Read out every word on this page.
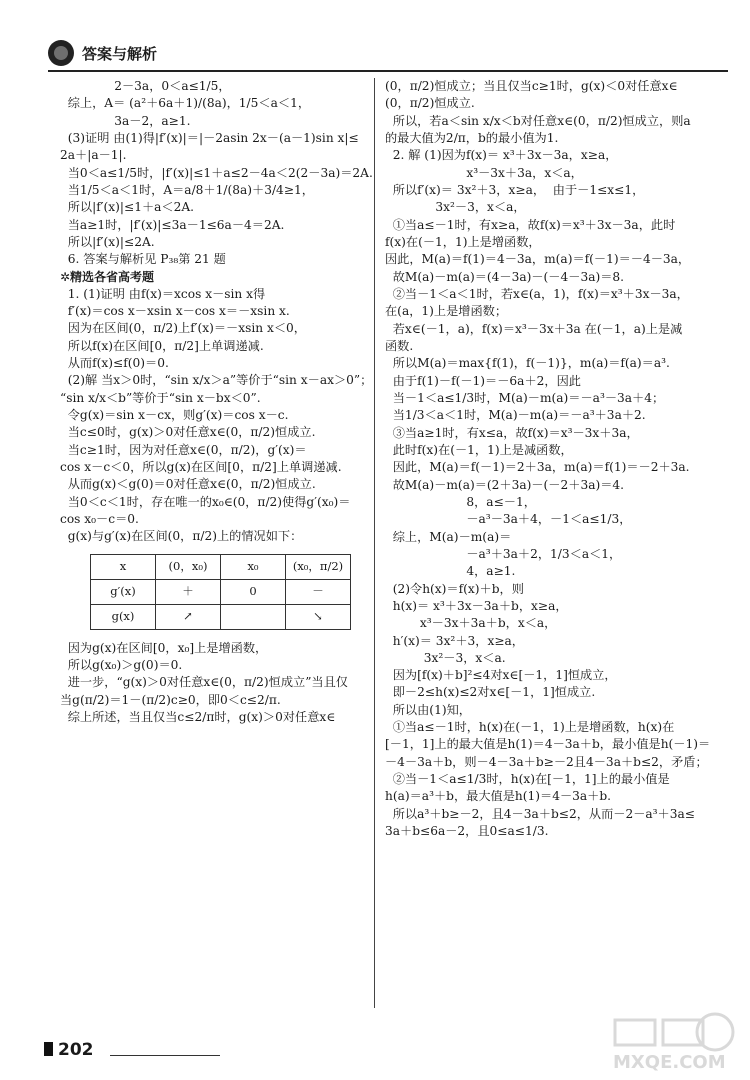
答案与解析
2－3a，0＜a≤1/5，
综上，A＝ (a²＋6a＋1)/(8a)，1/5＜a＜1，
3a－2，a≥1.
(3)证明 由(1)得|f′(x)|＝|－2asin 2x－(a－1)sin x|≤
2a＋|a－1|.
当0＜a≤1/5时，|f′(x)|≤1＋a≤2－4a＜2(2－3a)＝2A.
当1/5＜a＜1时，A＝a/8＋1/(8a)＋3/4≥1，
所以|f′(x)|≤1＋a＜2A.
当a≥1时，|f′(x)|≤3a－1≤6a－4＝2A.
所以|f′(x)|≤2A.
6. 答案与解析见 P₃₈第 21 题
✲精选各省高考题
1. (1)证明 由f(x)＝xcos x－sin x得
f′(x)＝cos x－xsin x－cos x＝－xsin x.
因为在区间(0，π/2)上f′(x)＝－xsin x＜0，
所以f(x)在区间[0，π/2]上单调递减.
从而f(x)≤f(0)＝0.
(2)解 当x＞0时，“sin x/x＞a”等价于“sin x－ax＞0”；
“sin x/x＜b”等价于“sin x－bx＜0”.
令g(x)＝sin x－cx，则g′(x)＝cos x－c.
当c≤0时，g(x)＞0对任意x∈(0，π/2)恒成立.
当c≥1时，因为对任意x∈(0，π/2)，g′(x)＝
cos x－c＜0，所以g(x)在区间[0，π/2]上单调递减.
从而g(x)＜g(0)＝0对任意x∈(0，π/2)恒成立.
当0＜c＜1时，存在唯一的x₀∈(0，π/2)使得g′(x₀)＝
cos x₀－c＝0.
g(x)与g′(x)在区间(0，π/2)上的情况如下：
x	(0，x₀)	x₀	(x₀，π/2)
g′(x)	＋	0	－
g(x)	↗		↘
因为g(x)在区间[0，x₀]上是增函数，
所以g(x₀)＞g(0)＝0.
进一步，“g(x)＞0对任意x∈(0，π/2)恒成立”当且仅
当g(π/2)＝1－(π/2)c≥0，即0＜c≤2/π.
综上所述，当且仅当c≤2/π时，g(x)＞0对任意x∈
(0，π/2)恒成立；当且仅当c≥1时，g(x)＜0对任意x∈
(0，π/2)恒成立.
所以，若a＜sin x/x＜b对任意x∈(0，π/2)恒成立，则a
的最大值为2/π，b的最小值为1.
2. 解 (1)因为f(x)＝ x³＋3x－3a，x≥a，
x³－3x＋3a，x＜a，
所以f′(x)＝ 3x²＋3，x≥a，  由于－1≤x≤1，
3x²－3，x＜a，
①当a≤－1时，有x≥a，故f(x)＝x³＋3x－3a，此时
f(x)在(－1，1)上是增函数，
因此，M(a)＝f(1)＝4－3a，m(a)＝f(－1)＝－4－3a，
故M(a)－m(a)＝(4－3a)－(－4－3a)＝8.
②当－1＜a＜1时，若x∈(a，1)，f(x)＝x³＋3x－3a，
在(a，1)上是增函数；
若x∈(－1，a)，f(x)＝x³－3x＋3a 在(－1，a)上是减
函数.
所以M(a)＝max{f(1)，f(－1)}，m(a)＝f(a)＝a³.
由于f(1)－f(－1)＝－6a＋2，因此
当－1＜a≤1/3时，M(a)－m(a)＝－a³－3a＋4；
当1/3＜a＜1时，M(a)－m(a)＝－a³＋3a＋2.
③当a≥1时，有x≤a，故f(x)＝x³－3x＋3a，
此时f(x)在(－1，1)上是减函数，
因此，M(a)＝f(－1)＝2＋3a，m(a)＝f(1)＝－2＋3a.
故M(a)－m(a)＝(2＋3a)－(－2＋3a)＝4.
8，a≤－1，
－a³－3a＋4，－1＜a≤1/3，
综上，M(a)－m(a)＝
－a³＋3a＋2，1/3＜a＜1，
4，a≥1.
(2)令h(x)＝f(x)＋b，则
h(x)＝ x³＋3x－3a＋b，x≥a，
x³－3x＋3a＋b，x＜a，
h′(x)＝ 3x²＋3，x≥a，
3x²－3，x＜a.
因为[f(x)＋b]²≤4对x∈[－1，1]恒成立，
即－2≤h(x)≤2对x∈[－1，1]恒成立.
所以由(1)知，
①当a≤－1时，h(x)在(－1，1)上是增函数，h(x)在
[－1，1]上的最大值是h(1)＝4－3a＋b，最小值是h(－1)＝
－4－3a＋b，则－4－3a＋b≥－2且4－3a＋b≤2，矛盾；
②当－1＜a≤1/3时，h(x)在[－1，1]上的最小值是
h(a)＝a³＋b，最大值是h(1)＝4－3a＋b.
所以a³＋b≥－2，且4－3a＋b≤2，从而－2－a³＋3a≤
3a＋b≤6a－2，且0≤a≤1/3.
202
MXQE.COM
